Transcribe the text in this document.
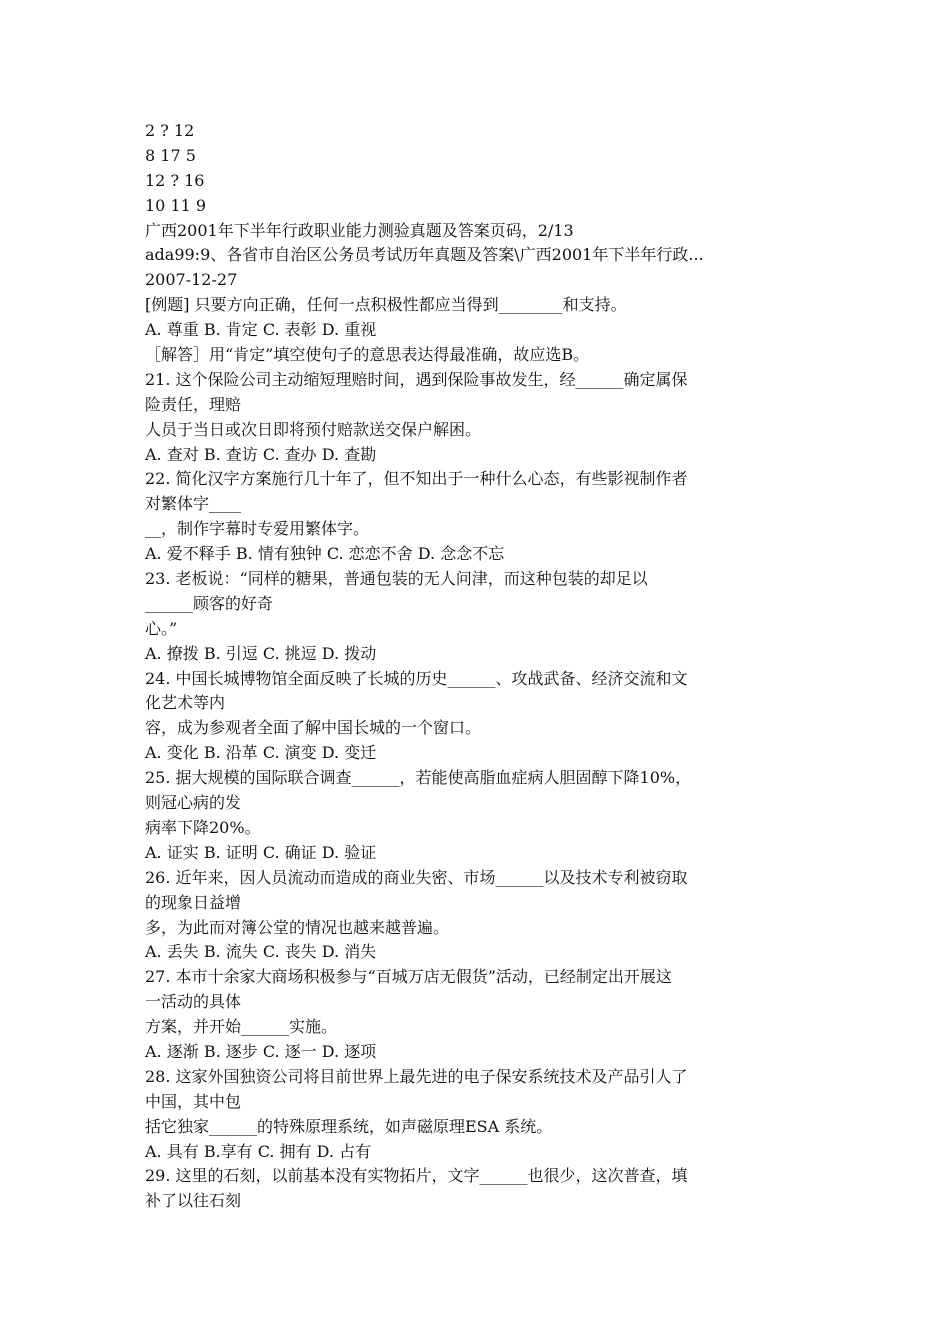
2 ? 12
8 17 5
12 ? 16
10 11 9
广西2001年下半年行政职业能力测验真题及答案页码，2/13
ada99:9、各省市自治区公务员考试历年真题及答案\广西2001年下半年行政...
2007-12-27
[例题] 只要方向正确，任何一点积极性都应当得到________和支持。
A. 尊重 B. 肯定 C. 表彰 D. 重视
［解答］用“肯定”填空使句子的意思表达得最准确，故应选B。
21. 这个保险公司主动缩短理赔时间，遇到保险事故发生，经______确定属保
险责任，理赔
人员于当日或次日即将预付赔款送交保户解困。
A. 查对 B. 查访 C. 查办 D. 查勘
22. 简化汉字方案施行几十年了，但不知出于一种什么心态，有些影视制作者
对繁体字____
__，制作字幕时专爱用繁体字。
A. 爱不释手 B. 情有独钟 C. 恋恋不舍 D. 念念不忘
23. 老板说：“同样的糖果，普通包装的无人问津，而这种包装的却足以
______顾客的好奇
心。”
A. 撩拨 B. 引逗 C. 挑逗 D. 拨动
24. 中国长城博物馆全面反映了长城的历史______、攻战武备、经济交流和文
化艺术等内
容，成为参观者全面了解中国长城的一个窗口。
A. 变化 B. 沿革 C. 演变 D. 变迁
25. 据大规模的国际联合调查______，若能使高脂血症病人胆固醇下降10%，
则冠心病的发
病率下降20%。
A. 证实 B. 证明 C. 确证 D. 验证
26. 近年来，因人员流动而造成的商业失密、市场______以及技术专利被窃取
的现象日益增
多，为此而对簿公堂的情况也越来越普遍。
A. 丢失 B. 流失 C. 丧失 D. 消失
27. 本市十余家大商场积极参与“百城万店无假货”活动，已经制定出开展这
一活动的具体
方案，并开始______实施。
A. 逐渐 B. 逐步 C. 逐一 D. 逐项
28. 这家外国独资公司将目前世界上最先进的电子保安系统技术及产品引人了
中国，其中包
括它独家______的特殊原理系统，如声磁原理ESA 系统。
A. 具有 B.享有 C. 拥有 D. 占有
29. 这里的石刻，以前基本没有实物拓片，文字______也很少，这次普查，填
补了以往石刻
